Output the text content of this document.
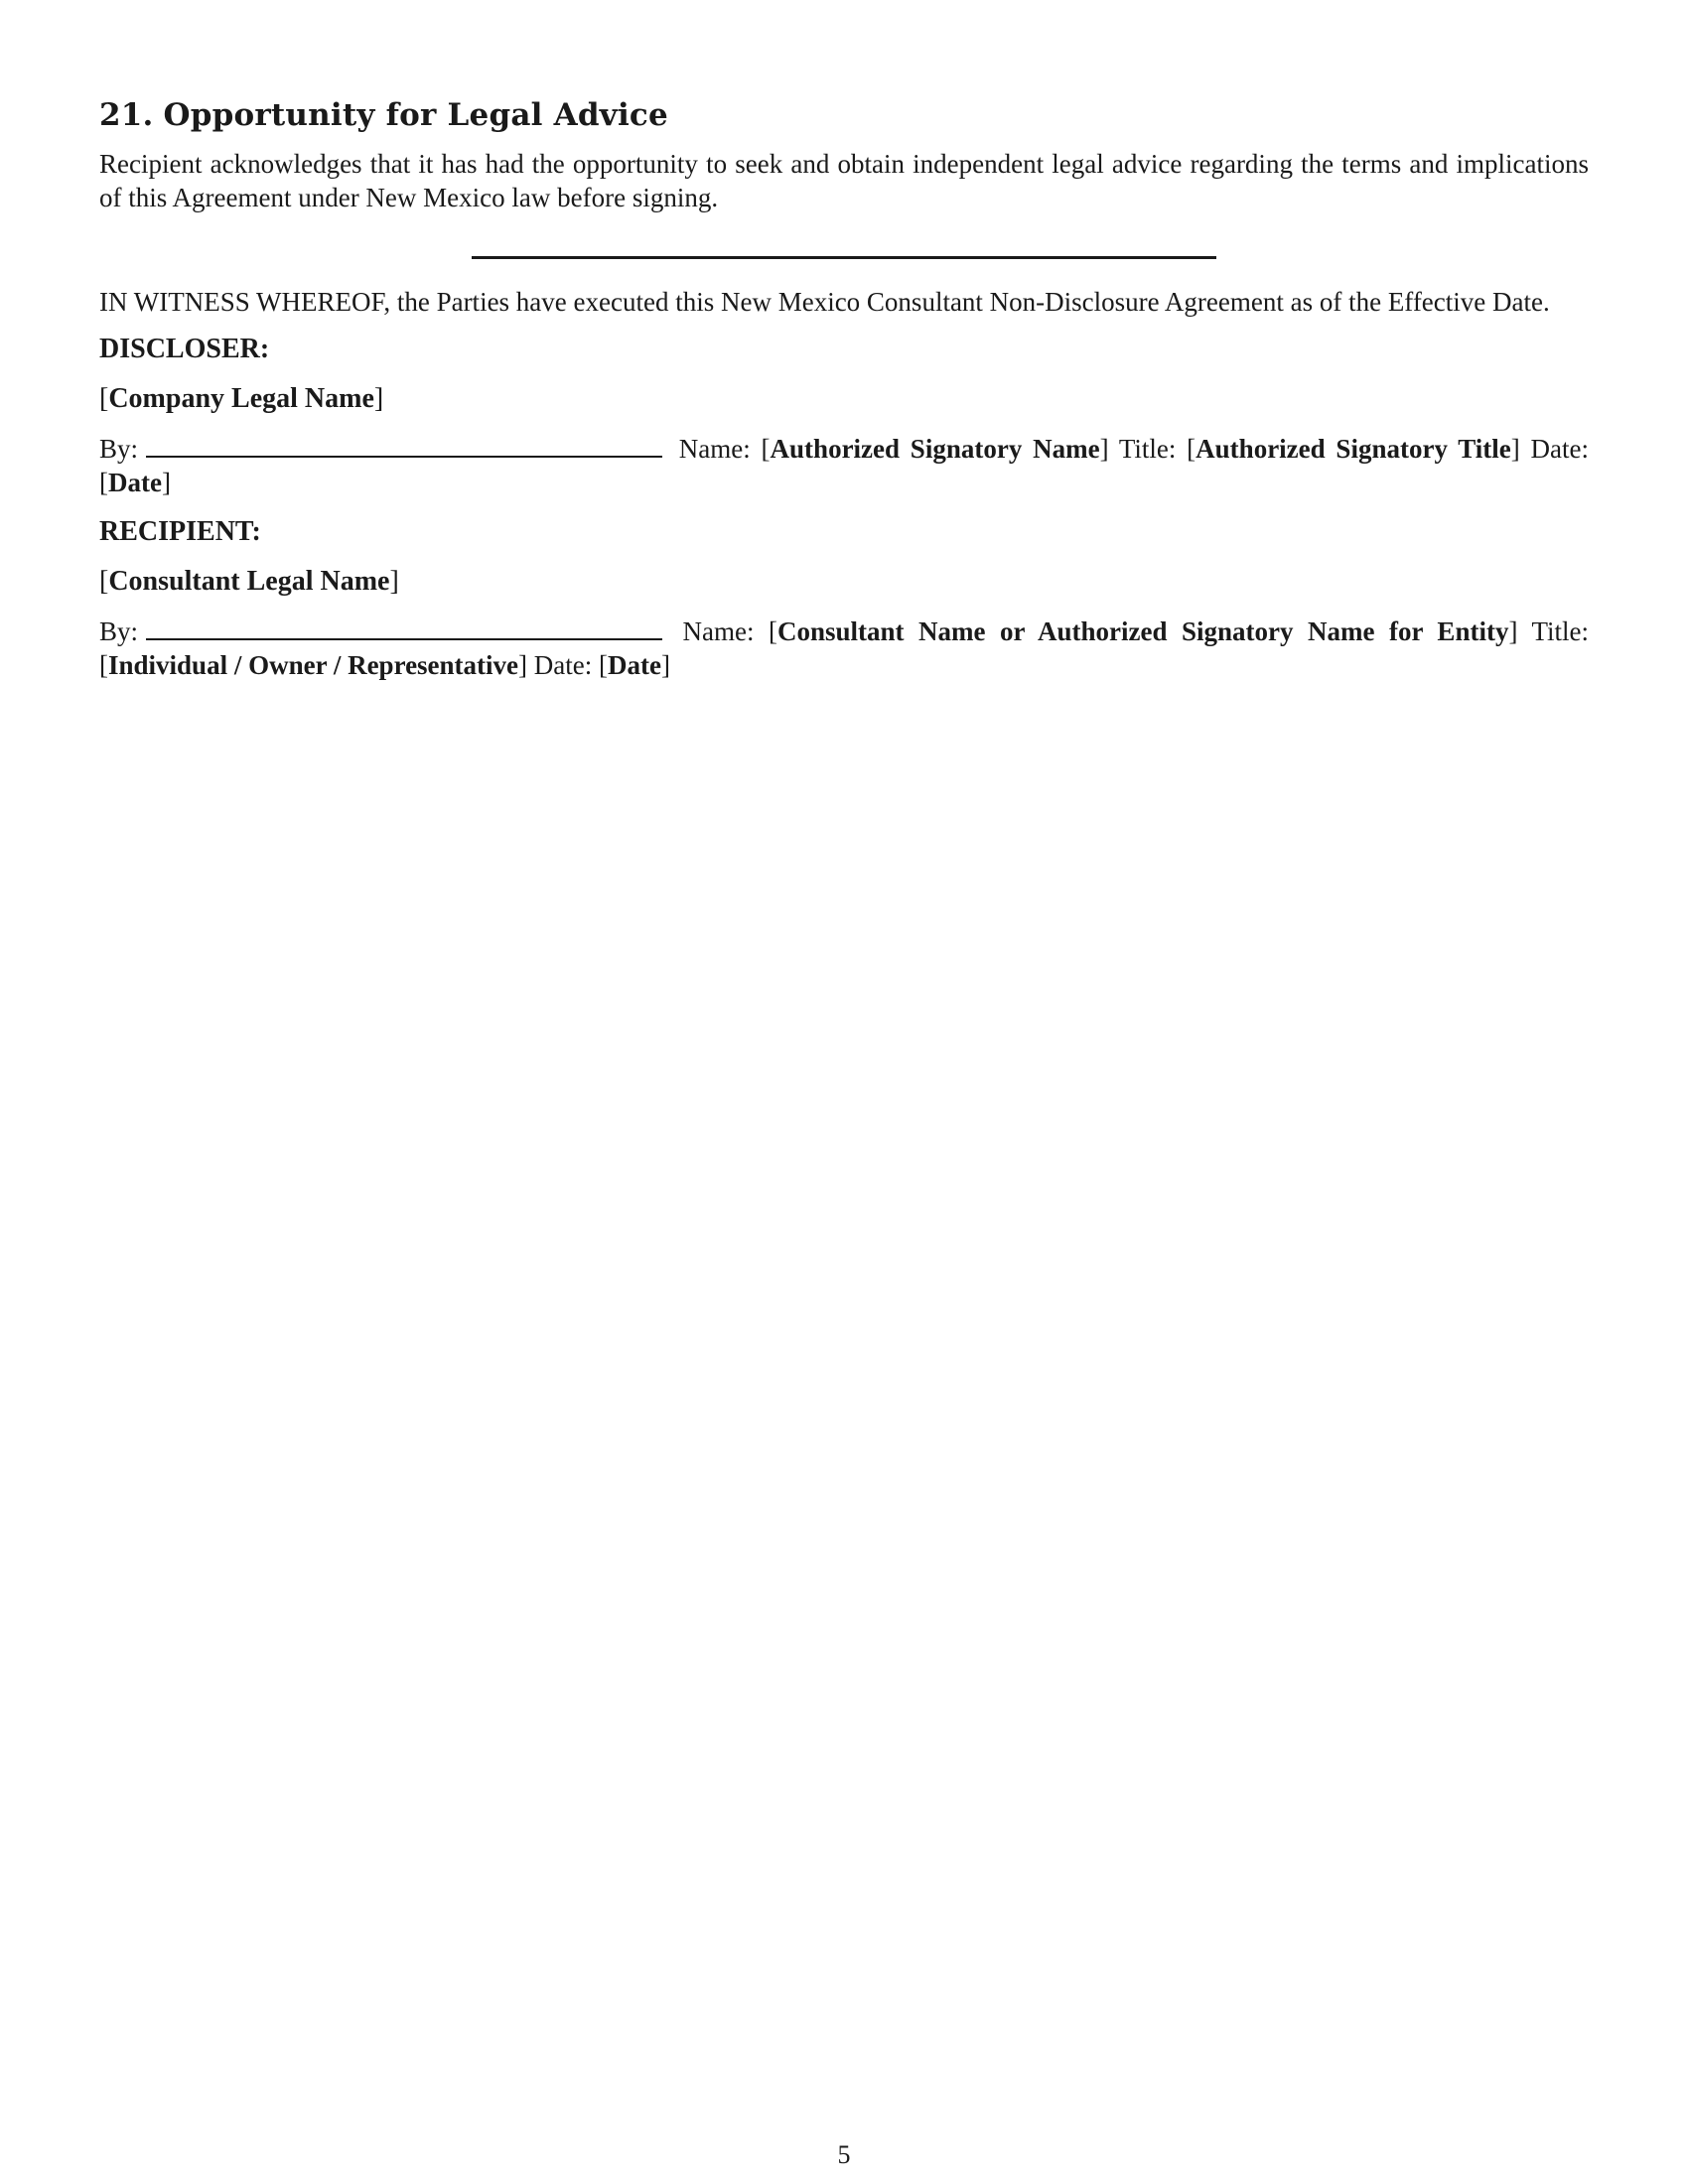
21. Opportunity for Legal Advice

Recipient acknowledges that it has had the opportunity to seek and obtain independent legal advice regarding the terms and implications of this Agreement under New Mexico law before signing.

IN WITNESS WHEREOF, the Parties have executed this New Mexico Consultant Non-Disclosure Agreement as of the Effective Date.

DISCLOSER:
[Company Legal Name]
By:	Name: [Authorized Signatory Name] Title: [Authorized Signatory Title] Date: [Date]
RECIPIENT:
[Consultant Legal Name]
By:	Name: [Consultant Name or Authorized Signatory Name for Entity] Title: [Individual / Owner / Representative] Date: [Date]
5
